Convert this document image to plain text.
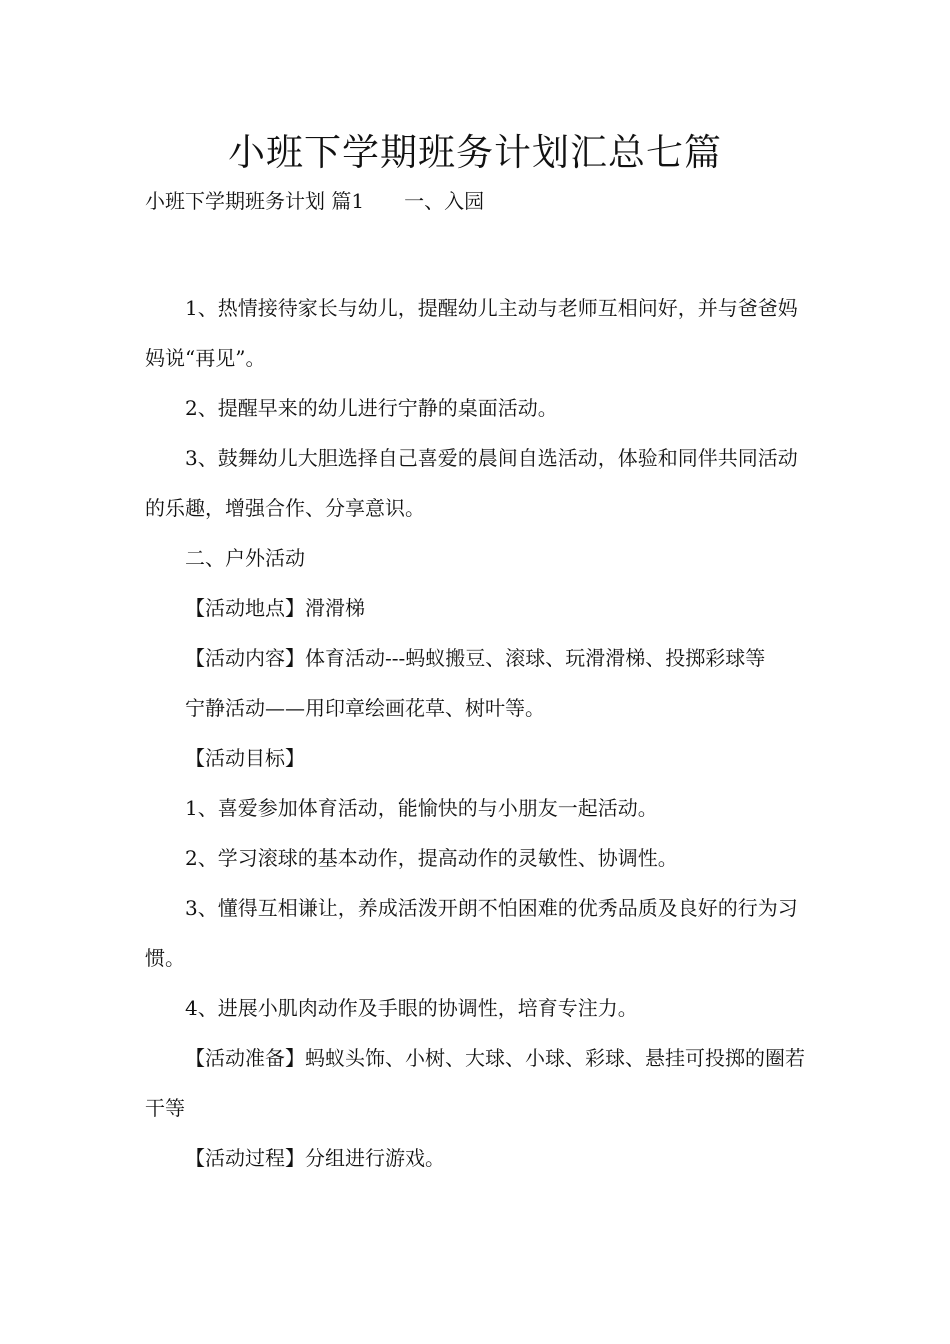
小班下学期班务计划汇总七篇
小班下学期班务计划 篇1　　一、入园

1、热情接待家长与幼儿，提醒幼儿主动与老师互相问好，并与爸爸妈妈说“再见”。

2、提醒早来的幼儿进行宁静的桌面活动。

3、鼓舞幼儿大胆选择自己喜爱的晨间自选活动，体验和同伴共同活动的乐趣，增强合作、分享意识。

二、户外活动

【活动地点】滑滑梯

【活动内容】体育活动---蚂蚁搬豆、滚球、玩滑滑梯、投掷彩球等

宁静活动——用印章绘画花草、树叶等。

【活动目标】

1、喜爱参加体育活动，能愉快的与小朋友一起活动。

2、学习滚球的基本动作，提高动作的灵敏性、协调性。

3、懂得互相谦让，养成活泼开朗不怕困难的优秀品质及良好的行为习惯。

4、进展小肌肉动作及手眼的协调性，培育专注力。

【活动准备】蚂蚁头饰、小树、大球、小球、彩球、悬挂可投掷的圈若干等

【活动过程】分组进行游戏。
